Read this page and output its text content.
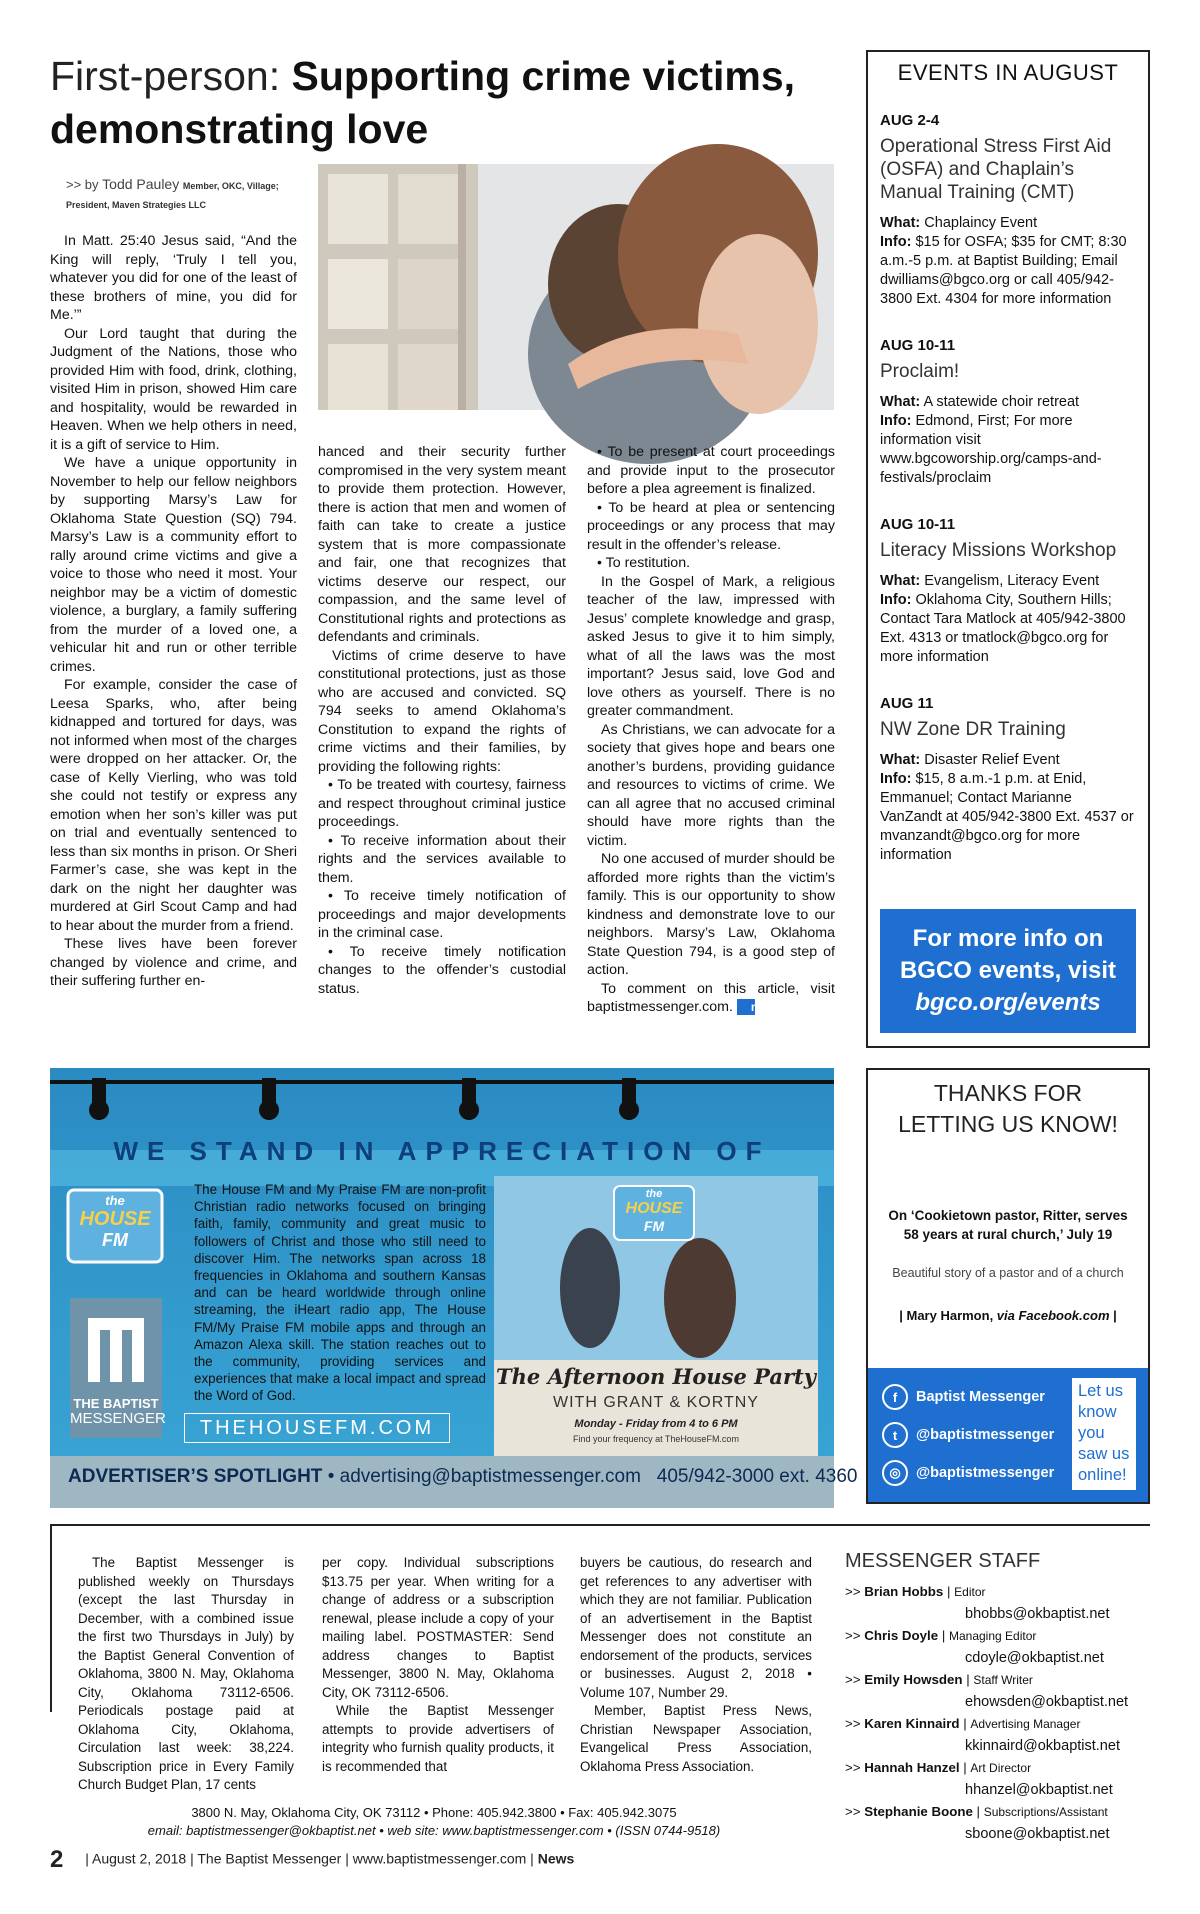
First-person: Supporting crime victims, demonstrating love
>> by Todd Pauley Member, OKC, Village; President, Maven Strategies LLC

In Matt. 25:40 Jesus said, “And the King will reply, ‘Truly I tell you, whatever you did for one of the least of these brothers of mine, you did for Me.’”

Our Lord taught that during the Judgment of the Nations, those who provided Him with food, drink, clothing, visited Him in prison, showed Him care and hospitality, would be rewarded in Heaven. When we help others in need, it is a gift of service to Him.

We have a unique opportunity in November to help our fellow neighbors by supporting Marsy’s Law for Oklahoma State Question (SQ) 794. Marsy’s Law is a community effort to rally around crime victims and give a voice to those who need it most. Your neighbor may be a victim of domestic violence, a burglary, a family suffering from the murder of a loved one, a vehicular hit and run or other terrible crimes.

For example, consider the case of Leesa Sparks, who, after being kidnapped and tortured for days, was not informed when most of the charges were dropped on her attacker. Or, the case of Kelly Vierling, who was told she could not testify or express any emotion when her son’s killer was put on trial and eventually sentenced to less than six months in prison. Or Sheri Farmer’s case, she was kept in the dark on the night her daughter was murdered at Girl Scout Camp and had to hear about the murder from a friend.

These lives have been forever changed by violence and crime, and their suffering further en-

hanced and their security further compromised in the very system meant to provide them protection. However, there is action that men and women of faith can take to create a justice system that is more compassionate and fair, one that recognizes that victims deserve our respect, our compassion, and the same level of Constitutional rights and protections as defendants and criminals.

Victims of crime deserve to have constitutional protections, just as those who are accused and convicted. SQ 794 seeks to amend Oklahoma’s Constitution to expand the rights of crime victims and their families, by providing the following rights:

• To be treated with courtesy, fairness and respect throughout criminal justice proceedings.

• To receive information about their rights and the services available to them.

• To receive timely notification of proceedings and major developments in the criminal case.

• To receive timely notification changes to the offender’s custodial status.

• To be present at court proceedings and provide input to the prosecutor before a plea agreement is finalized.

• To be heard at plea or sentencing proceedings or any process that may result in the offender’s release.

• To restitution.

In the Gospel of Mark, a religious teacher of the law, impressed with Jesus’ complete knowledge and grasp, asked Jesus to give it to him simply, what of all the laws was the most important? Jesus said, love God and love others as yourself. There is no greater commandment.

As Christians, we can advocate for a society that gives hope and bears one another’s burdens, providing guidance and resources to victims of crime. We can all agree that no accused criminal should have more rights than the victim.

No one accused of murder should be afforded more rights than the victim’s family. This is our opportunity to show kindness and demonstrate love to our neighbors. Marsy’s Law, Oklahoma State Question 794, is a good step of action.

To comment on this article, visit baptistmessenger.com. m

EVENTS IN AUGUST
AUG 2-4
Operational Stress First Aid (OSFA) and Chaplain’s Manual Training (CMT)
What: Chaplaincy Event
Info: $15 for OSFA; $35 for CMT; 8:30 a.m.-5 p.m. at Baptist Building; Email dwilliams@bgco.org or call 405/942-3800 Ext. 4304 for more information
AUG 10-11
Proclaim!
What: A statewide choir retreat
Info: Edmond, First; For more information visit www.bgcoworship.org/camps-and-festivals/proclaim
AUG 10-11
Literacy Missions Workshop
What: Evangelism, Literacy Event
Info: Oklahoma City, Southern Hills; Contact Tara Matlock at 405/942-3800 Ext. 4313 or tmatlock@bgco.org for more information
AUG 11
NW Zone DR Training
What: Disaster Relief Event
Info: $15, 8 a.m.-1 p.m. at Enid, Emmanuel; Contact Marianne VanZandt at 405/942-3800 Ext. 4537 or mvanzandt@bgco.org for more information
For more info on
BGCO events, visit
bgco.org/events
WE STAND IN APPRECIATION OF
the
HOUSE
FM
The House FM and My Praise FM are non-profit Christian radio networks focused on bringing faith, family, community and great music to followers of Christ and those who still need to discover Him. The networks span across 18 frequencies in Oklahoma and southern Kansas and can be heard worldwide through online streaming, the iHeart radio app, The House FM/My Praise FM mobile apps and through an Amazon Alexa skill. The station reaches out to the community, providing services and experiences that make a local impact and spread the Word of God.
THE BAPTIST
MESSENGER	THEHOUSEFM.COM
the
HOUSE
FM
The Afternoon House Party
WITH GRANT & KORTNY
Monday - Friday from 4 to 6 PM
Find your frequency at TheHouseFM.com
ADVERTISER’S SPOTLIGHT • advertising@baptistmessenger.com 405/942-3000 ext. 4360
THANKS FOR LETTING US KNOW!
On ‘Cookietown pastor, Ritter, serves 58 years at rural church,’ July 19
Beautiful story of a pastor and of a church
| Mary Harmon, via Facebook.com |
f	Baptist Messenger
t	@baptistmessenger
◎	@baptistmessenger
Let us know you saw us online!
The Baptist Messenger is published weekly on Thursdays (except the last Thursday in December, with a combined issue the first two Thursdays in July) by the Baptist General Convention of Oklahoma, 3800 N. May, Oklahoma City, Oklahoma 73112-6506. Periodicals postage paid at Oklahoma City, Oklahoma, Circulation last week: 38,224. Subscription price in Every Family Church Budget Plan, 17 cents

per copy. Individual subscriptions $13.75 per year. When writing for a change of address or a subscription renewal, please include a copy of your mailing label. POSTMASTER: Send address changes to Baptist Messenger, 3800 N. May, Oklahoma City, OK 73112-6506.

While the Baptist Messenger attempts to provide advertisers of integrity who furnish quality products, it is recommended that

buyers be cautious, do research and get references to any advertiser with which they are not familiar. Publication of an advertisement in the Baptist Messenger does not constitute an endorsement of the products, services or businesses. August 2, 2018 • Volume 107, Number 29.

Member, Baptist Press News, Christian Newspaper Association, Evangelical Press Association, Oklahoma Press Association.

MESSENGER STAFF
>> Brian Hobbs | Editor
bhobbs@okbaptist.net
>> Chris Doyle | Managing Editor
cdoyle@okbaptist.net
>> Emily Howsden | Staff Writer
ehowsden@okbaptist.net
>> Karen Kinnaird | Advertising Manager
kkinnaird@okbaptist.net
>> Hannah Hanzel | Art Director
hhanzel@okbaptist.net
>> Stephanie Boone | Subscriptions/Assistant
sboone@okbaptist.net
3800 N. May, Oklahoma City, OK 73112 • Phone: 405.942.3800 • Fax: 405.942.3075
email: baptistmessenger@okbaptist.net • web site: www.baptistmessenger.com • (ISSN 0744-9518)
2 | August 2, 2018 | The Baptist Messenger | www.baptistmessenger.com | News
